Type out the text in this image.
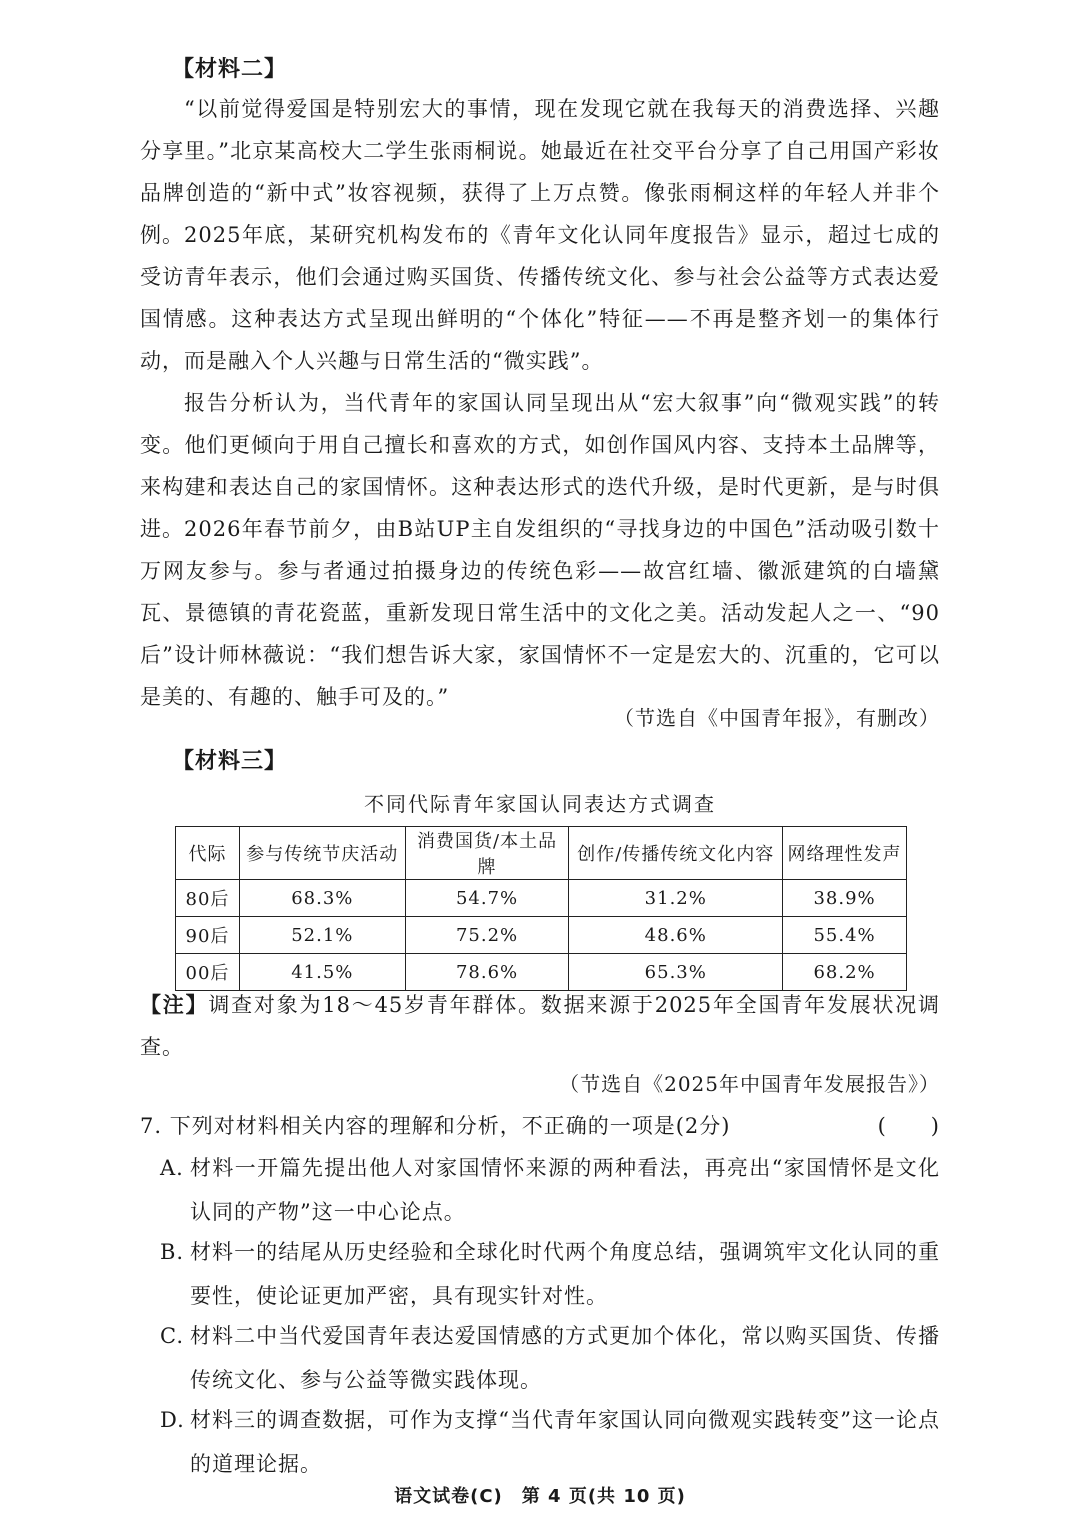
【材料二】
“以前觉得爱国是特别宏大的事情，现在发现它就在我每天的消费选择、兴趣分享里。”北京某高校大二学生张雨桐说。她最近在社交平台分享了自己用国产彩妆品牌创造的“新中式”妆容视频，获得了上万点赞。像张雨桐这样的年轻人并非个例。 2025年底，某研究机构发布的《青年文化认同年度报告》显示，超过七成的受访青年表示，他们会通过购买国货、传播传统文化、参与社会公益等方式表达爱国情感。这种表达方式呈现出鲜明的“个体化”特征——不再是整齐划一的集体行动，而是融入个人兴趣与日常生活的“微实践”。
报告分析认为，当代青年的家国认同呈现出从“宏大叙事”向“微观实践”的转变。他们更倾向于用自己擅长和喜欢的方式，如创作国风内容、支持本土品牌等，来构建和表达自己的家国情怀。这种表达形式的迭代升级，是时代更新，是与时俱进。 2026年春节前夕，由B站UP主自发组织的“寻找身边的中国色”活动吸引数十万网友参与。参与者通过拍摄身边的传统色彩——故宫红墙、徽派建筑的白墙黛瓦、景德镇的青花瓷蓝，重新发现日常生活中的文化之美。活动发起人之一、“90后”设计师林薇说：“我们想告诉大家，家国情怀不一定是宏大的、沉重的，它可以是美的、有趣的、触手可及的。”
（节选自《中国青年报》，有删改）
【材料三】
不同代际青年家国认同表达方式调查
代际	参与传统节庆活动	消费国货/本土品牌	创作/传播传统文化内容	网络理性发声
80后	68.3%	54.7%	31.2%	38.9%
90后	52.1%	75.2%	48.6%	55.4%
00后	41.5%	78.6%	65.3%	68.2%
【注】调查对象为18～45岁青年群体。数据来源于2025年全国青年发展状况调查。
（节选自《2025年中国青年发展报告》）
7. 下列对材料相关内容的理解和分析，不正确的一项是(2分)	(　　)
A. 材料一开篇先提出他人对家国情怀来源的两种看法，再亮出“家国情怀是文化认同的产物”这一中心论点。
B. 材料一的结尾从历史经验和全球化时代两个角度总结，强调筑牢文化认同的重要性，使论证更加严密，具有现实针对性。
C. 材料二中当代爱国青年表达爱国情感的方式更加个体化，常以购买国货、传播传统文化、参与公益等微实践体现。
D. 材料三的调查数据，可作为支撑“当代青年家国认同向微观实践转变”这一论点的道理论据。
语文试卷(C)　第 4 页(共 10 页)
